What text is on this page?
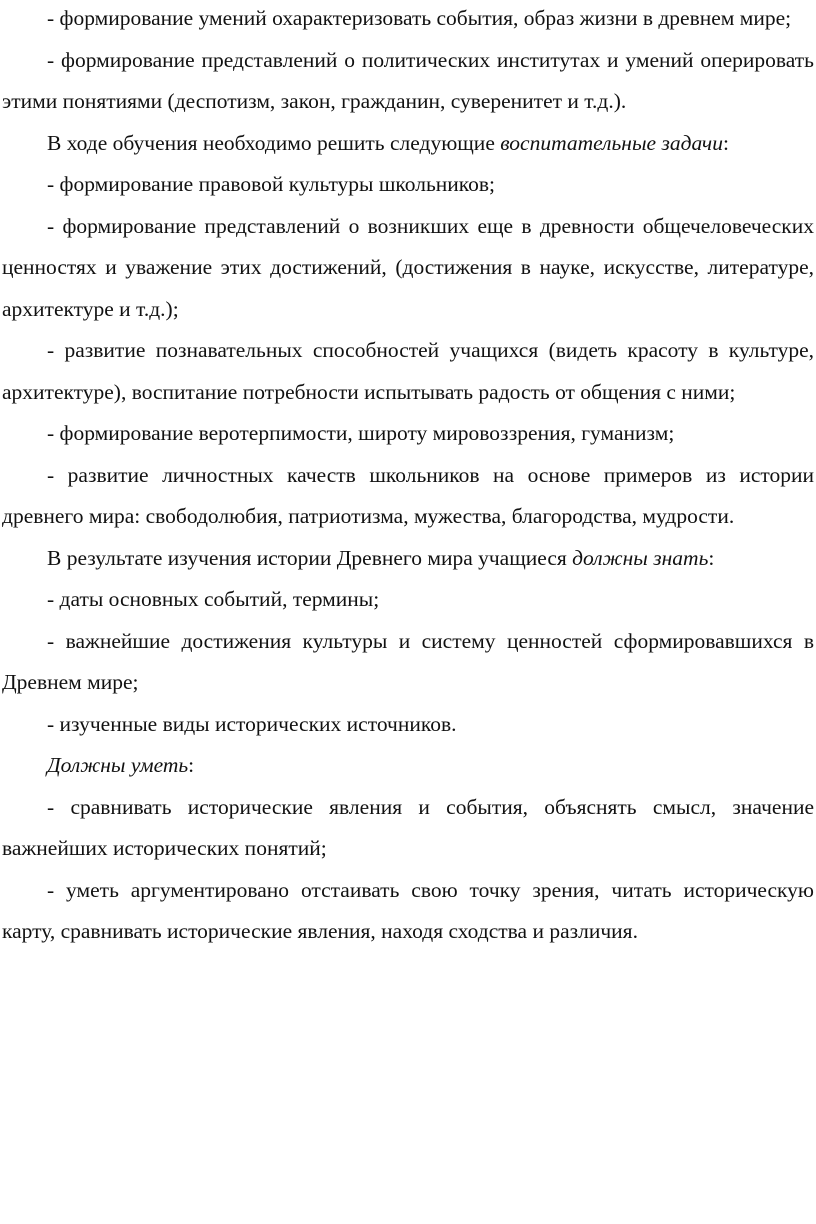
- формирование умений охарактеризовать события, образ жизни в древнем мире;

- формирование представлений о политических институтах и умений оперировать этими понятиями (деспотизм, закон, гражданин, суверенитет и т.д.).

В ходе обучения необходимо решить следующие воспитательные задачи:

- формирование правовой культуры школьников;

- формирование представлений о возникших еще в древности общечеловеческих ценностях и уважение этих достижений, (достижения в науке, искусстве, литературе, архитектуре и т.д.);

- развитие познавательных способностей учащихся (видеть красоту в культуре, архитектуре), воспитание потребности испытывать радость от общения с ними;

- формирование веротерпимости, широту мировоззрения, гуманизм;

- развитие личностных качеств школьников на основе примеров из истории древнего мира: свободолюбия, патриотизма, мужества, благородства, мудрости.

В результате изучения истории Древнего мира учащиеся должны знать:

- даты основных событий, термины;

- важнейшие достижения культуры и систему ценностей сформировавшихся в Древнем мире;

- изученные виды исторических источников.

Должны уметь:

- сравнивать исторические явления и события, объяснять смысл, значение важнейших исторических понятий;

- уметь аргументировано отстаивать свою точку зрения, читать историческую карту, сравнивать исторические явления, находя сходства и различия.
